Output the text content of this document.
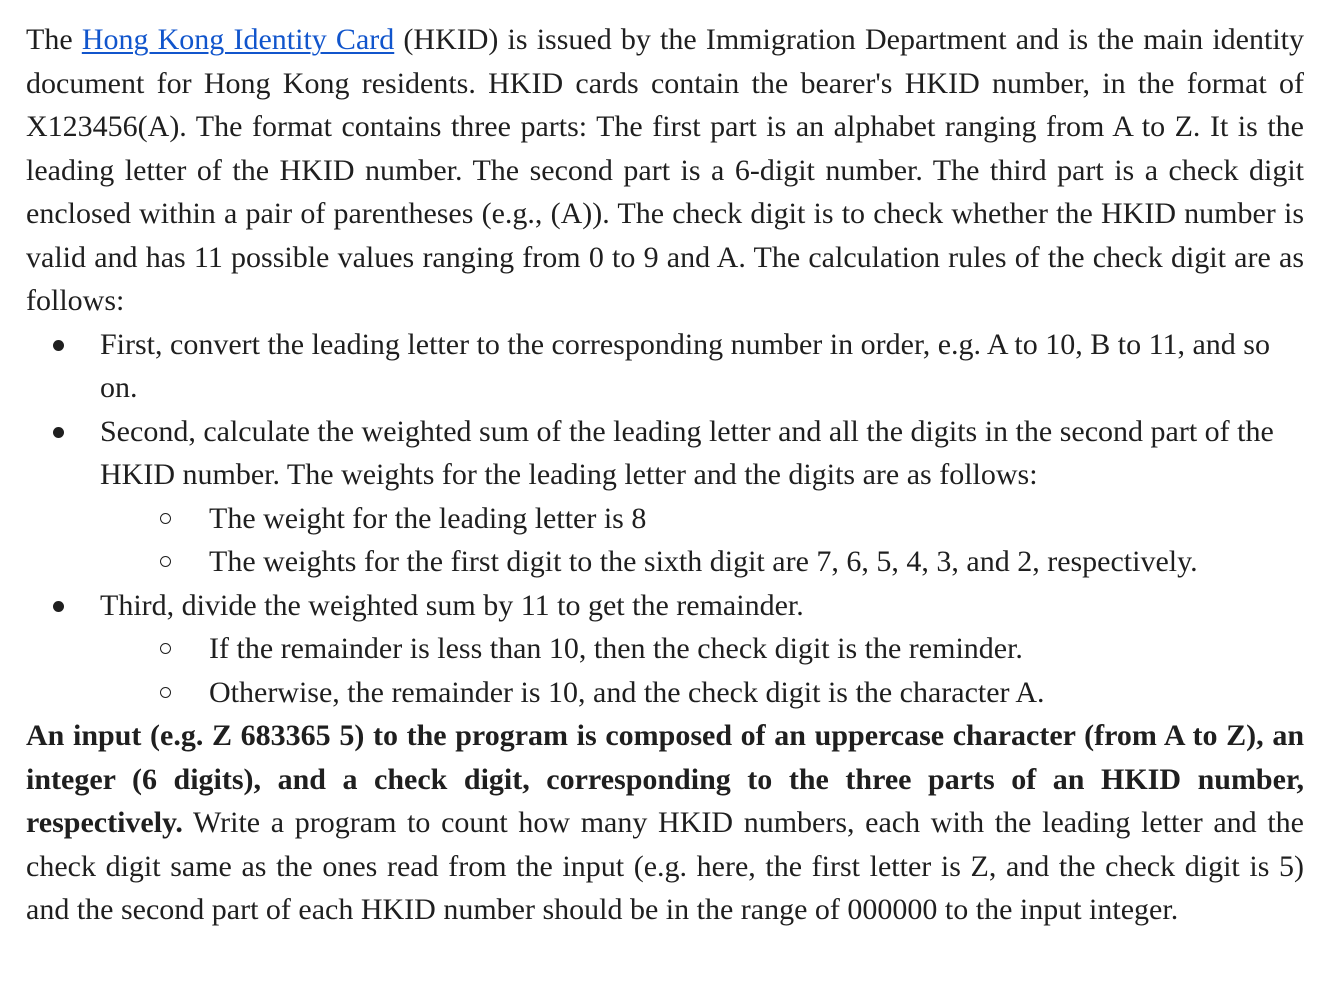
The Hong Kong Identity Card (HKID) is issued by the Immigration Department and is the main identity document for Hong Kong residents. HKID cards contain the bearer's HKID number, in the format of X123456(A). The format contains three parts: The first part is an alphabet ranging from A to Z. It is the leading letter of the HKID number. The second part is a 6-digit number. The third part is a check digit enclosed within a pair of parentheses (e.g., (A)). The check digit is to check whether the HKID number is valid and has 11 possible values ranging from 0 to 9 and A. The calculation rules of the check digit are as follows:

First, convert the leading letter to the corresponding number in order, e.g. A to 10, B to 11, and so on.
Second, calculate the weighted sum of the leading letter and all the digits in the second part of the HKID number. The weights for the leading letter and the digits are as follows:
The weight for the leading letter is 8
The weights for the first digit to the sixth digit are 7, 6, 5, 4, 3, and 2, respectively.
Third, divide the weighted sum by 11 to get the remainder.
If the remainder is less than 10, then the check digit is the reminder.
Otherwise, the remainder is 10, and the check digit is the character A.

An input (e.g. Z 683365 5) to the program is composed of an uppercase character (from A to Z), an integer (6 digits), and a check digit, corresponding to the three parts of an HKID number, respectively. Write a program to count how many HKID numbers, each with the leading letter and the check digit same as the ones read from the input (e.g. here, the first letter is Z, and the check digit is 5) and the second part of each HKID number should be in the range of 000000 to the input integer.
